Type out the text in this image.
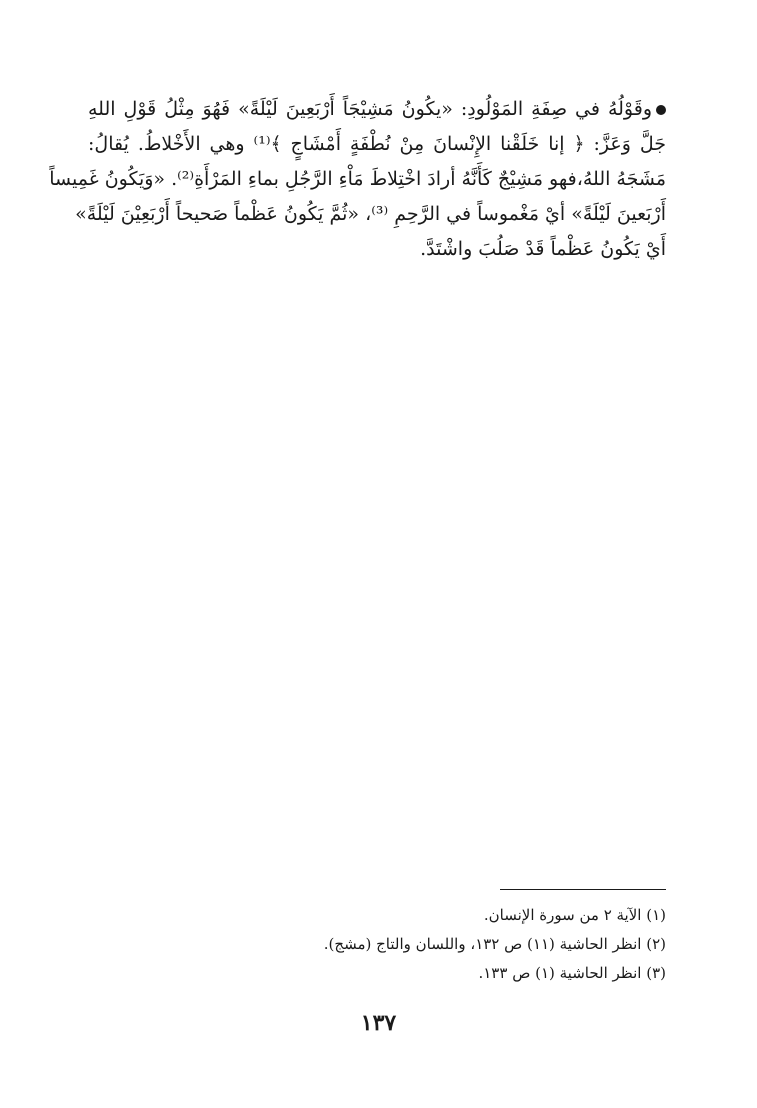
وقَوْلُهُ في صِفَةِ المَوْلُودِ: «يكُونُ مَشِيْجَاً أَرْبَعِينَ لَيْلَةً» فَهُوَ مِثْلُ قَوْلِ اللهِ
جَلَّ وَعَزَّ: ﴿ إنا خَلَقْنا الإِنْسانَ مِنْ نُطْفَةٍ أَمْشَاجٍ ﴾⁽¹⁾ وهي الأَخْلاطُ. يُقالُ:
مَشَجَهُ اللهُ،فهو مَشِيْجٌ كَأَنَّهُ أرادَ اخْتِلاطَ مَاْءِ الرَّجُلِ بماءِ المَرْأَةِ⁽²⁾. «وَيَكُونُ غَمِيساً
أَرْبَعينَ لَيْلَةً» أيْ مَغْموساً في الرَّحِمِ ⁽³⁾، «ثُمَّ يَكُونُ عَظْماً صَحيحاً أَرْبَعِيْنَ لَيْلَةً»
أَيْ يَكُونُ عَظْماً قَدْ صَلُبَ واشْتَدَّ.
(١) الآية ٢ من سورة الإنسان.
(٢) انظر الحاشية (١١) ص ١٣٢، واللسان والتاج (مشج).
(٣) انظر الحاشية (١) ص ١٣٣.
١٣٧
